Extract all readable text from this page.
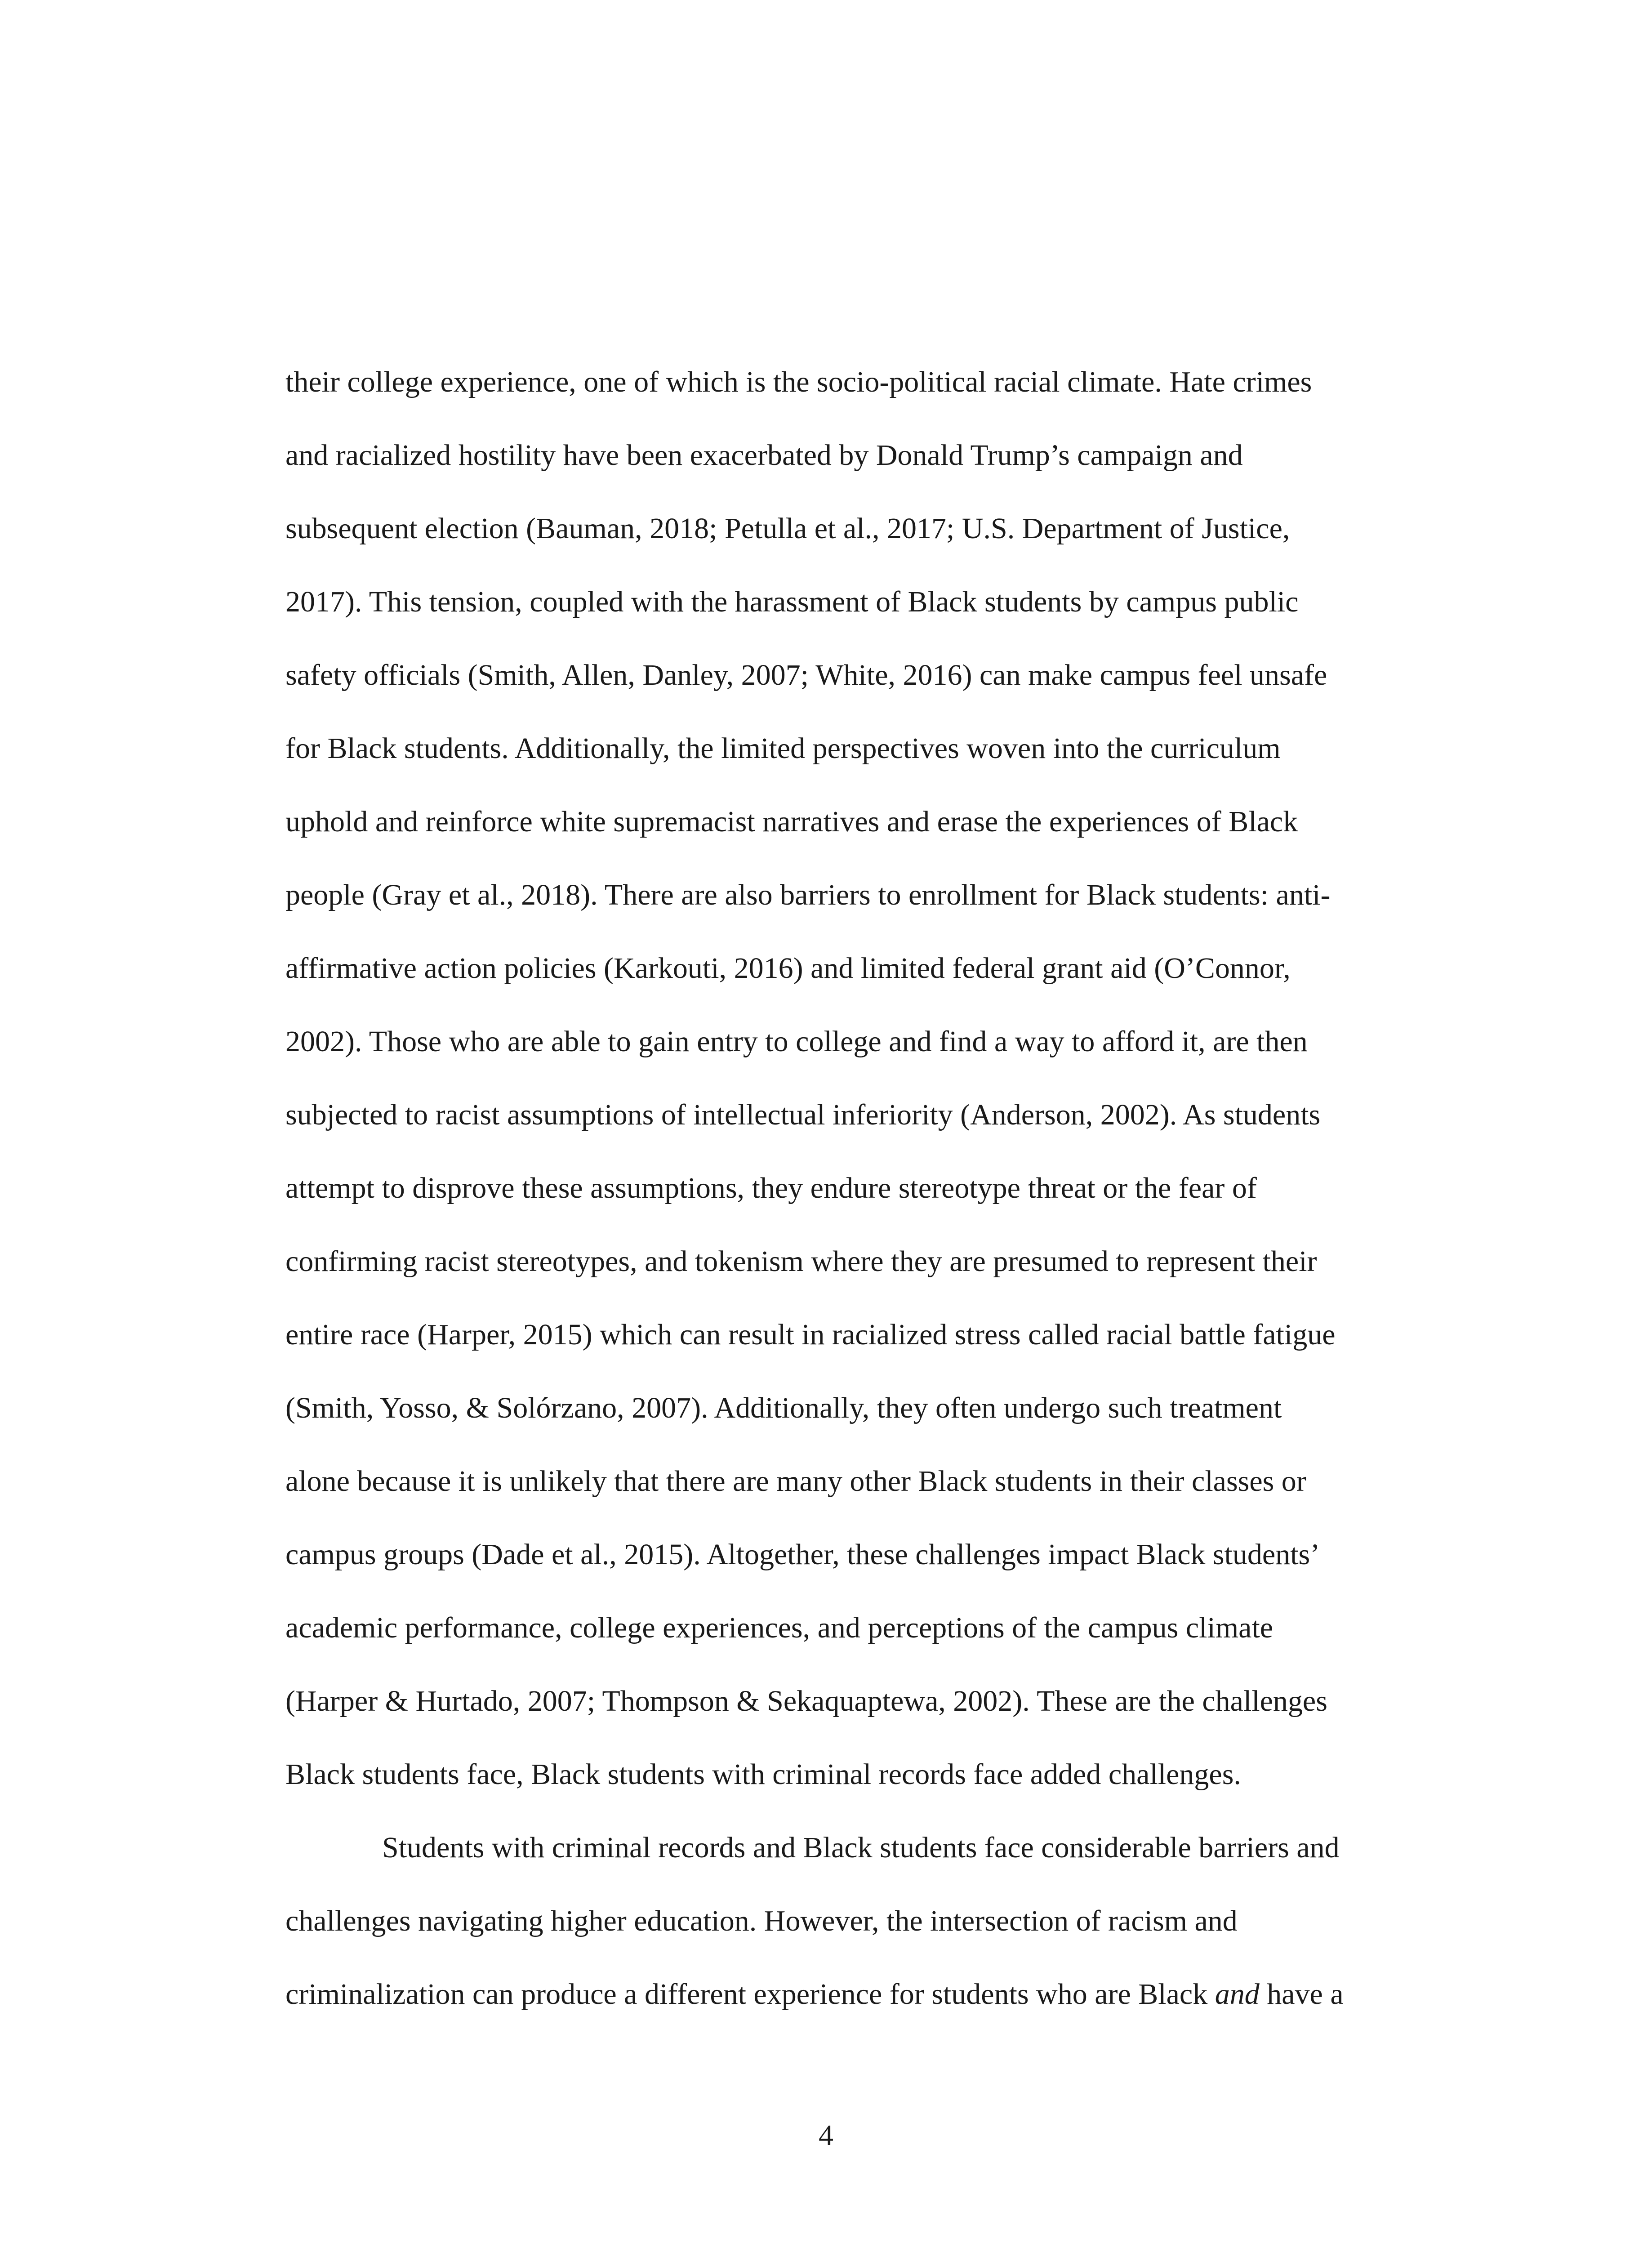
their college experience, one of which is the socio-political racial climate. Hate crimes
and racialized hostility have been exacerbated by Donald Trump’s campaign and
subsequent election (Bauman, 2018; Petulla et al., 2017; U.S. Department of Justice,
2017). This tension, coupled with the harassment of Black students by campus public
safety officials (Smith, Allen, Danley, 2007; White, 2016) can make campus feel unsafe
for Black students. Additionally, the limited perspectives woven into the curriculum
uphold and reinforce white supremacist narratives and erase the experiences of Black
people (Gray et al., 2018). There are also barriers to enrollment for Black students: anti-
affirmative action policies (Karkouti, 2016) and limited federal grant aid (O’Connor,
2002). Those who are able to gain entry to college and find a way to afford it, are then
subjected to racist assumptions of intellectual inferiority (Anderson, 2002). As students
attempt to disprove these assumptions, they endure stereotype threat or the fear of
confirming racist stereotypes, and tokenism where they are presumed to represent their
entire race (Harper, 2015) which can result in racialized stress called racial battle fatigue
(Smith, Yosso, & Solórzano, 2007). Additionally, they often undergo such treatment
alone because it is unlikely that there are many other Black students in their classes or
campus groups (Dade et al., 2015). Altogether, these challenges impact Black students’
academic performance, college experiences, and perceptions of the campus climate
(Harper & Hurtado, 2007; Thompson & Sekaquaptewa, 2002). These are the challenges
Black students face, Black students with criminal records face added challenges.
Students with criminal records and Black students face considerable barriers and
challenges navigating higher education. However, the intersection of racism and
criminalization can produce a different experience for students who are Black and have a
4
